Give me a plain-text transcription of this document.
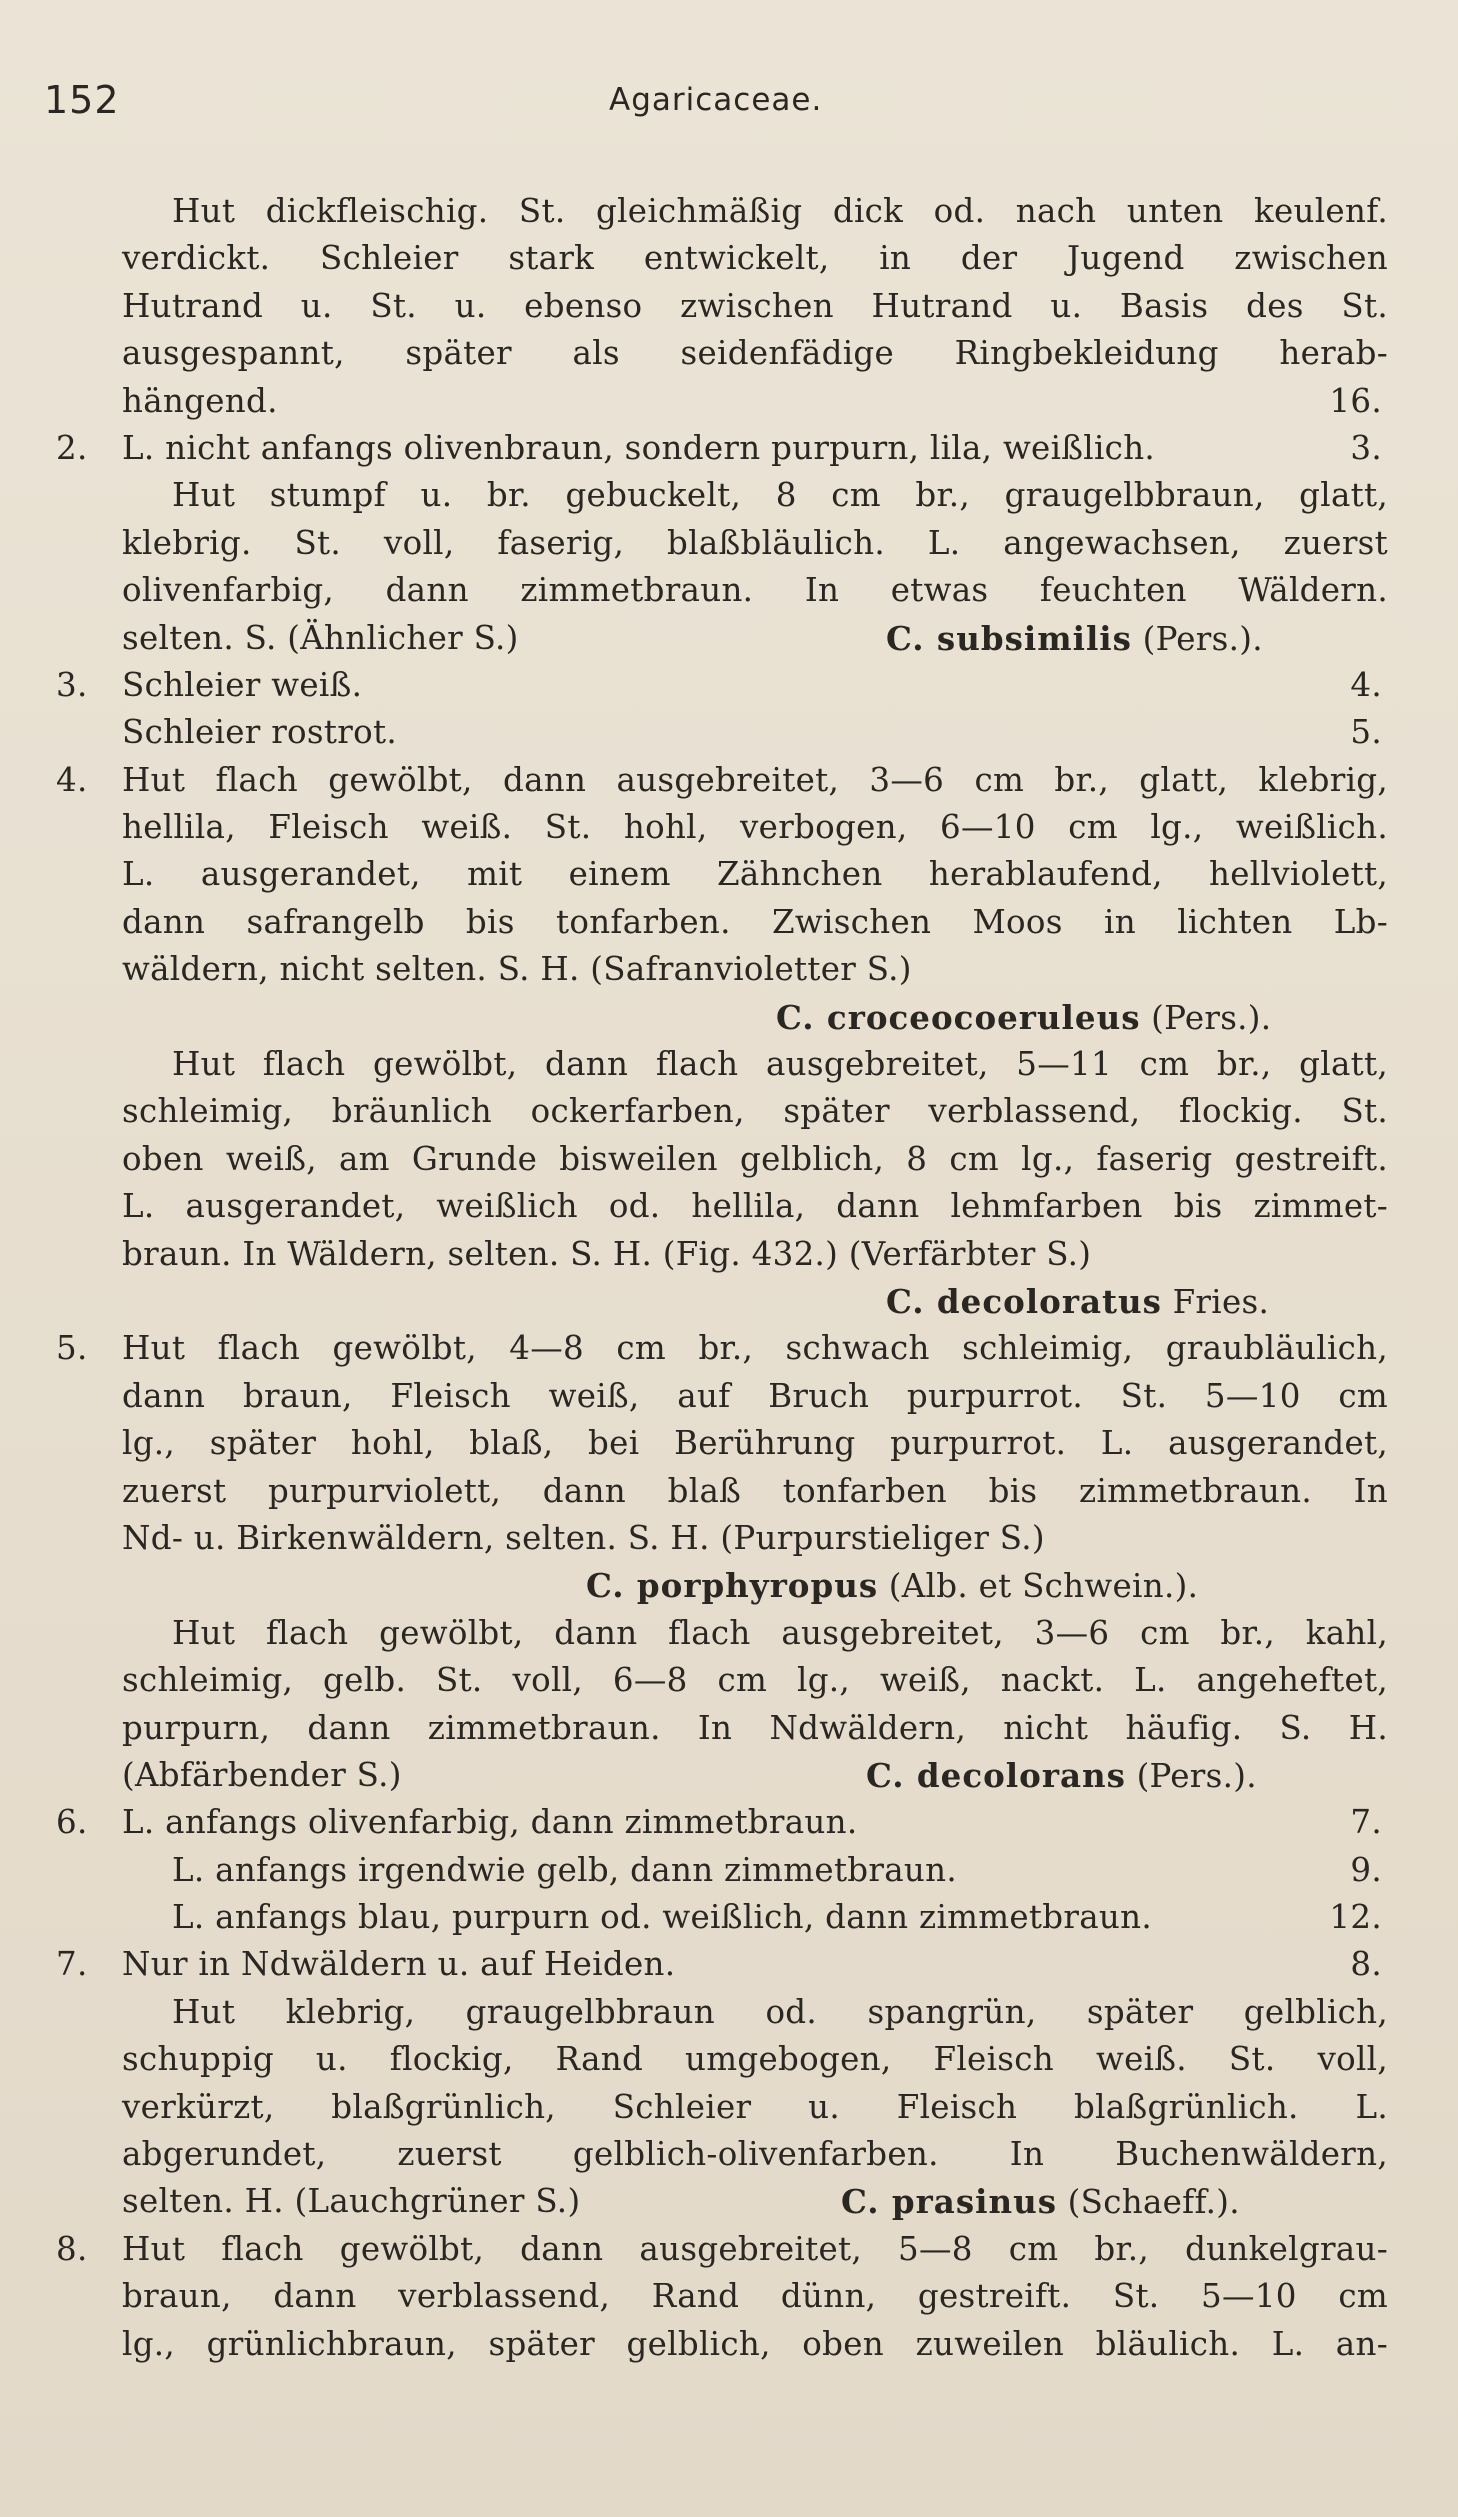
152	Agaricaceae.
Hut dickfleischig. St. gleichmäßig dick od. nach unten keulenf.
verdickt. Schleier stark entwickelt, in der Jugend zwischen
Hutrand u. St. u. ebenso zwischen Hutrand u. Basis des St.
ausgespannt, später als seidenfädige Ringbekleidung herab-
hängend.	16.
2. L. nicht anfangs olivenbraun, sondern purpurn, lila, weißlich.	3.
Hut stumpf u. br. gebuckelt, 8 cm br., graugelbbraun, glatt,
klebrig. St. voll, faserig, blaßbläulich. L. angewachsen, zuerst
olivenfarbig, dann zimmetbraun. In etwas feuchten Wäldern.
selten. S. (Ähnlicher S.)	C. subsimilis (Pers.).
3. Schleier weiß.	4.
Schleier rostrot.	5.
4. Hut flach gewölbt, dann ausgebreitet, 3—6 cm br., glatt, klebrig,
hellila, Fleisch weiß. St. hohl, verbogen, 6—10 cm lg., weißlich.
L. ausgerandet, mit einem Zähnchen herablaufend, hellviolett,
dann safrangelb bis tonfarben. Zwischen Moos in lichten Lb-
wäldern, nicht selten. S. H. (Safranvioletter S.)
C. croceocoeruleus (Pers.).
Hut flach gewölbt, dann flach ausgebreitet, 5—11 cm br., glatt,
schleimig, bräunlich ockerfarben, später verblassend, flockig. St.
oben weiß, am Grunde bisweilen gelblich, 8 cm lg., faserig gestreift.
L. ausgerandet, weißlich od. hellila, dann lehmfarben bis zimmet-
braun. In Wäldern, selten. S. H. (Fig. 432.) (Verfärbter S.)
C. decoloratus Fries.
5. Hut flach gewölbt, 4—8 cm br., schwach schleimig, graubläulich,
dann braun, Fleisch weiß, auf Bruch purpurrot. St. 5—10 cm
lg., später hohl, blaß, bei Berührung purpurrot. L. ausgerandet,
zuerst purpurviolett, dann blaß tonfarben bis zimmetbraun. In
Nd- u. Birkenwäldern, selten. S. H. (Purpurstieliger S.)
C. porphyropus (Alb. et Schwein.).
Hut flach gewölbt, dann flach ausgebreitet, 3—6 cm br., kahl,
schleimig, gelb. St. voll, 6—8 cm lg., weiß, nackt. L. angeheftet,
purpurn, dann zimmetbraun. In Ndwäldern, nicht häufig. S. H.
(Abfärbender S.)	C. decolorans (Pers.).
6. L. anfangs olivenfarbig, dann zimmetbraun.	7.
L. anfangs irgendwie gelb, dann zimmetbraun.	9.
L. anfangs blau, purpurn od. weißlich, dann zimmetbraun.	12.
7. Nur in Ndwäldern u. auf Heiden.	8.
Hut klebrig, graugelbbraun od. spangrün, später gelblich,
schuppig u. flockig, Rand umgebogen, Fleisch weiß. St. voll,
verkürzt, blaßgrünlich, Schleier u. Fleisch blaßgrünlich. L.
abgerundet, zuerst gelblich-olivenfarben. In Buchenwäldern,
selten. H. (Lauchgrüner S.)	C. prasinus (Schaeff.).
8. Hut flach gewölbt, dann ausgebreitet, 5—8 cm br., dunkelgrau-
braun, dann verblassend, Rand dünn, gestreift. St. 5—10 cm
lg., grünlichbraun, später gelblich, oben zuweilen bläulich. L. an-
